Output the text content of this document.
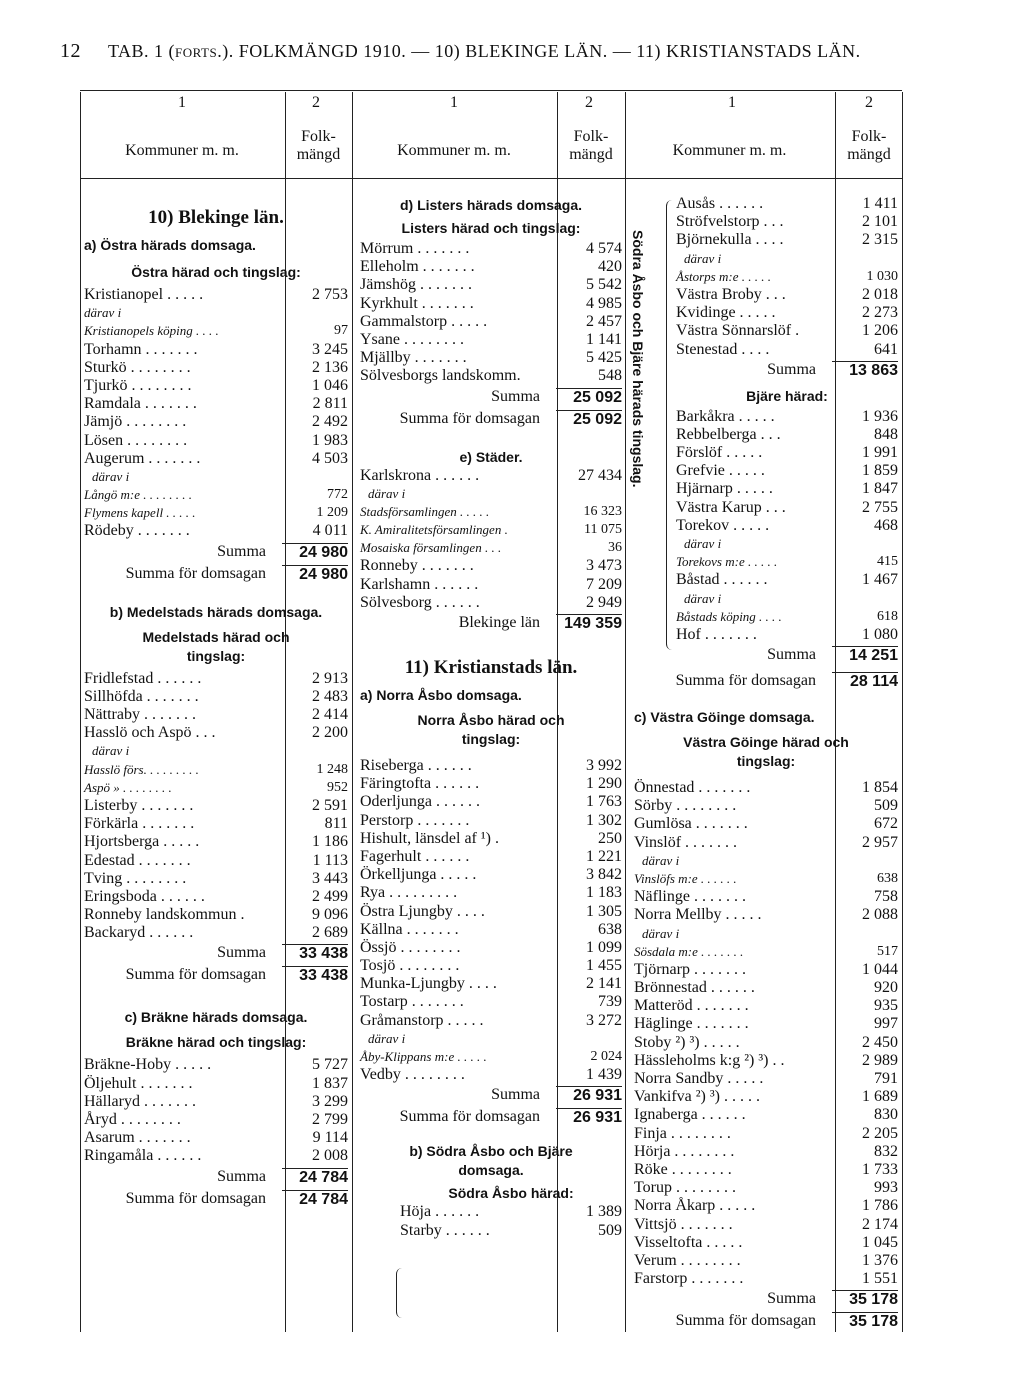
12 TAB. 1 (forts.). FOLKMÄNGD 1910. — 10) BLEKINGE LÄN. — 11) KRISTIANSTADS LÄN.
1	2	1	2	1	2
Kommuner m. m.
Folk-
mängd	Kommuner m. m.
Folk-
mängd	Kommuner m. m.
Folk-
mängd
10) Blekinge län.
a) Östra härads domsaga.
Östra härad och tingslag:
Kristianopel . . . . .	2 753
därav i
Kristianopels köping . . . .	97
Torhamn . . . . . . .	3 245
Sturkö . . . . . . . .	2 136
Tjurkö . . . . . . . .	1 046
Ramdala . . . . . . .	2 811
Jämjö . . . . . . . .	2 492
Lösen . . . . . . . .	1 983
Augerum . . . . . . .	4 503
därav i
Långö m:e . . . . . . . .	772
Flymens kapell . . . . .	1 209
Rödeby . . . . . . .	4 011
Summa	24 980
Summa för domsagan	24 980
b) Medelstads härads domsaga.
Medelstads härad och tingslag:
Fridlefstad . . . . . .	2 913
Sillhöfda . . . . . . .	2 483
Nättraby . . . . . . .	2 414
Hasslö och Aspö . . .	2 200
därav i
Hasslö förs. . . . . . . . .	1 248
Aspö » . . . . . . . .	952
Listerby . . . . . . .	2 591
Förkärla . . . . . . .	811
Hjortsberga . . . . .	1 186
Edestad . . . . . . .	1 113
Tving . . . . . . . .	3 443
Eringsboda . . . . . .	2 499
Ronneby landskommun .	9 096
Backaryd . . . . . .	2 689
Summa	33 438
Summa för domsagan	33 438
c) Bräkne härads domsaga.
Bräkne härad och tingslag:
Bräkne-Hoby . . . . .	5 727
Öljehult . . . . . . .	1 837
Hällaryd . . . . . . .	3 299
Åryd . . . . . . . .	2 799
Asarum . . . . . . .	9 114
Ringamåla . . . . . .	2 008
Summa	24 784
Summa för domsagan	24 784
d) Listers härads domsaga.
Listers härad och tingslag:
Mörrum . . . . . . .	4 574
Elleholm . . . . . . .	420
Jämshög . . . . . . .	5 542
Kyrkhult . . . . . . .	4 985
Gammalstorp . . . . .	2 457
Ysane . . . . . . . .	1 141
Mjällby . . . . . . .	5 425
Sölvesborgs landskomm.	548
Summa	25 092
Summa för domsagan	25 092
e) Städer.
Karlskrona . . . . . .	27 434
därav i
Stadsförsamlingen . . . . .	16 323
K. Amiralitetsförsamlingen .	11 075
Mosaiska församlingen . . .	36
Ronneby . . . . . . .	3 473
Karlshamn . . . . . .	7 209
Sölvesborg . . . . . .	2 949
Blekinge län	149 359
11) Kristianstads län.
a) Norra Åsbo domsaga.
Norra Åsbo härad och tingslag:
Riseberga . . . . . .	3 992
Färingtofta . . . . . .	1 290
Oderljunga . . . . . .	1 763
Perstorp . . . . . . .	1 302
Hishult, länsdel af ¹) .	250
Fagerhult . . . . . .	1 221
Örkelljunga . . . . .	3 842
Rya . . . . . . . . .	1 183
Östra Ljungby . . . .	1 305
Källna . . . . . . .	638
Össjö . . . . . . . .	1 099
Tosjö . . . . . . . .	1 455
Munka-Ljungby . . . .	2 141
Tostarp . . . . . . .	739
Gråmanstorp . . . . .	3 272
därav i
Åby-Klippans m:e . . . . .	2 024
Vedby . . . . . . . .	1 439
Summa	26 931
Summa för domsagan	26 931
b) Södra Åsbo och Bjäre domsaga.
Södra Åsbo härad:
Höja . . . . . .	1 389
Starby . . . . . .	509
Södra Åsbo och Bjäre härads tingslag.
Ausås . . . . . .	1 411
Ströfvelstorp . . .	2 101
Björnekulla . . . .	2 315
därav i
Åstorps m:e . . . . .	1 030
Västra Broby . . .	2 018
Kvidinge . . . . .	2 273
Västra Sönnarslöf .	1 206
Stenestad . . . .	641
Summa	13 863
Bjäre härad:
Barkåkra . . . . .	1 936
Rebbelberga . . .	848
Förslöf . . . . .	1 991
Grefvie . . . . .	1 859
Hjärnarp . . . . .	1 847
Västra Karup . . .	2 755
Torekov . . . . .	468
därav i
Torekovs m:e . . . . .	415
Båstad . . . . . .	1 467
därav i
Båstads köping . . . .	618
Hof . . . . . . .	1 080
Summa	14 251
Summa för domsagan	28 114
c) Västra Göinge domsaga.
Västra Göinge härad och tingslag:
Önnestad . . . . . . .	1 854
Sörby . . . . . . . .	509
Gumlösa . . . . . . .	672
Vinslöf . . . . . . .	2 957
därav i
Vinslöfs m:e . . . . . .	638
Näflinge . . . . . . .	758
Norra Mellby . . . . .	2 088
därav i
Sösdala m:e . . . . . . .	517
Tjörnarp . . . . . . .	1 044
Brönnestad . . . . . .	920
Matteröd . . . . . . .	935
Häglinge . . . . . . .	997
Stoby ²) ³) . . . . .	2 450
Hässleholms k:g ²) ³) . .	2 989
Norra Sandby . . . . .	791
Vankifva ²) ³) . . . . .	1 689
Ignaberga . . . . . .	830
Finja . . . . . . . .	2 205
Hörja . . . . . . . .	832
Röke . . . . . . . .	1 733
Torup . . . . . . . .	993
Norra Åkarp . . . . .	1 786
Vittsjö . . . . . . .	2 174
Visseltofta . . . . .	1 045
Verum . . . . . . . .	1 376
Farstorp . . . . . . .	1 551
Summa	35 178
Summa för domsagan	35 178
